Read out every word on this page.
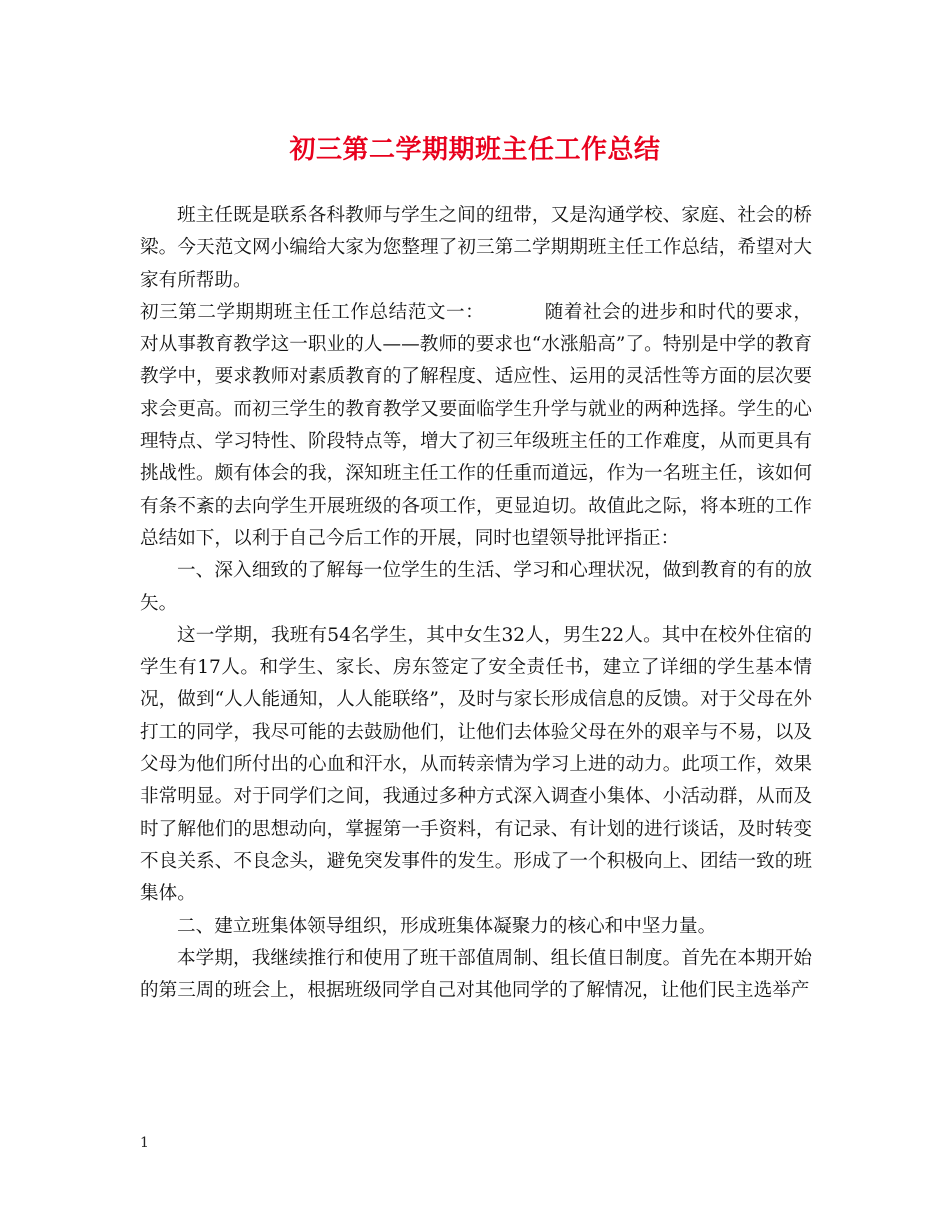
初三第二学期期班主任工作总结

班主任既是联系各科教师与学生之间的纽带，又是沟通学校、家庭、社会的桥梁。今天范文网小编给大家为您整理了初三第二学期期班主任工作总结，希望对大家有所帮助。

初三第二学期期班主任工作总结范文一：	随着社会的进步和时代的要求，对从事教育教学这一职业的人——教师的要求也“水涨船高”了。特别是中学的教育教学中，要求教师对素质教育的了解程度、适应性、运用的灵活性等方面的层次要求会更高。而初三学生的教育教学又要面临学生升学与就业的两种选择。学生的心理特点、学习特性、阶段特点等，增大了初三年级班主任的工作难度，从而更具有挑战性。颇有体会的我，深知班主任工作的任重而道远，作为一名班主任，该如何有条不紊的去向学生开展班级的各项工作，更显迫切。故值此之际，将本班的工作总结如下，以利于自己今后工作的开展，同时也望领导批评指正：

一、深入细致的了解每一位学生的生活、学习和心理状况，做到教育的有的放矢。

这一学期，我班有54名学生，其中女生32人，男生22人。其中在校外住宿的学生有17人。和学生、家长、房东签定了安全责任书，建立了详细的学生基本情况，做到“人人能通知，人人能联络”，及时与家长形成信息的反馈。对于父母在外打工的同学，我尽可能的去鼓励他们，让他们去体验父母在外的艰辛与不易，以及父母为他们所付出的心血和汗水，从而转亲情为学习上进的动力。此项工作，效果非常明显。对于同学们之间，我通过多种方式深入调查小集体、小活动群，从而及时了解他们的思想动向，掌握第一手资料，有记录、有计划的进行谈话，及时转变不良关系、不良念头，避免突发事件的发生。形成了一个积极向上、团结一致的班集体。

二、建立班集体领导组织，形成班集体凝聚力的核心和中坚力量。

本学期，我继续推行和使用了班干部值周制、组长值日制度。首先在本期开始的第三周的班会上，根据班级同学自己对其他同学的了解情况，让他们民主选举产

1
